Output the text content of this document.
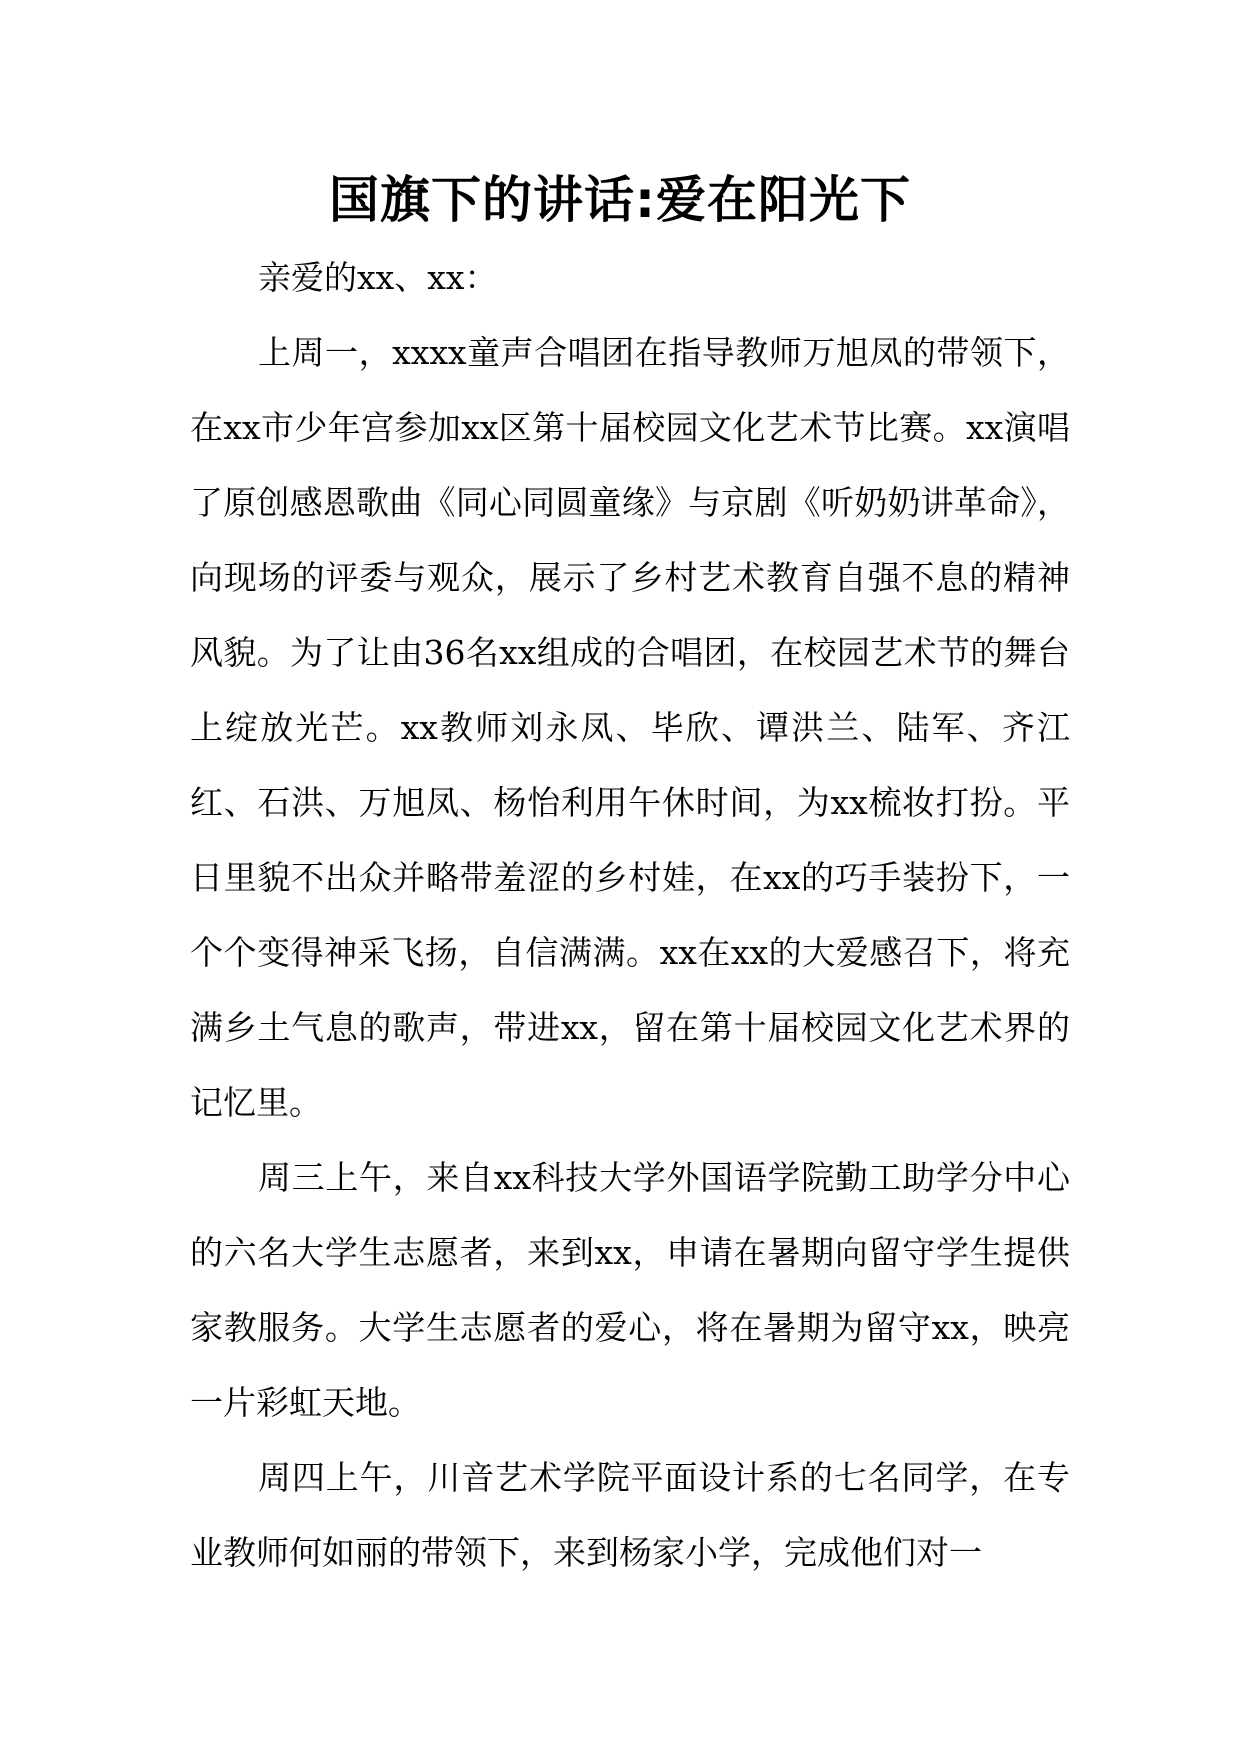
国旗下的讲话:爱在阳光下

亲爱的xx、xx：

上周一，xxxx童声合唱团在指导教师万旭凤的带领下，在xx市少年宫参加xx区第十届校园文化艺术节比赛。xx演唱了原创感恩歌曲《同心同圆童缘》与京剧《听奶奶讲革命》，向现场的评委与观众，展示了乡村艺术教育自强不息的精神风貌。为了让由36名xx组成的合唱团，在校园艺术节的舞台上绽放光芒。xx教师刘永凤、毕欣、谭洪兰、陆军、齐江红、石洪、万旭凤、杨怡利用午休时间，为xx梳妆打扮。平日里貌不出众并略带羞涩的乡村娃，在xx的巧手装扮下，一个个变得神采飞扬，自信满满。xx在xx的大爱感召下，将充满乡土气息的歌声，带进xx，留在第十届校园文化艺术界的记忆里。

周三上午，来自xx科技大学外国语学院勤工助学分中心的六名大学生志愿者，来到xx，申请在暑期向留守学生提供家教服务。大学生志愿者的爱心，将在暑期为留守xx，映亮一片彩虹天地。

周四上午，川音艺术学院平面设计系的七名同学，在专业教师何如丽的带领下，来到杨家小学，完成他们对一
